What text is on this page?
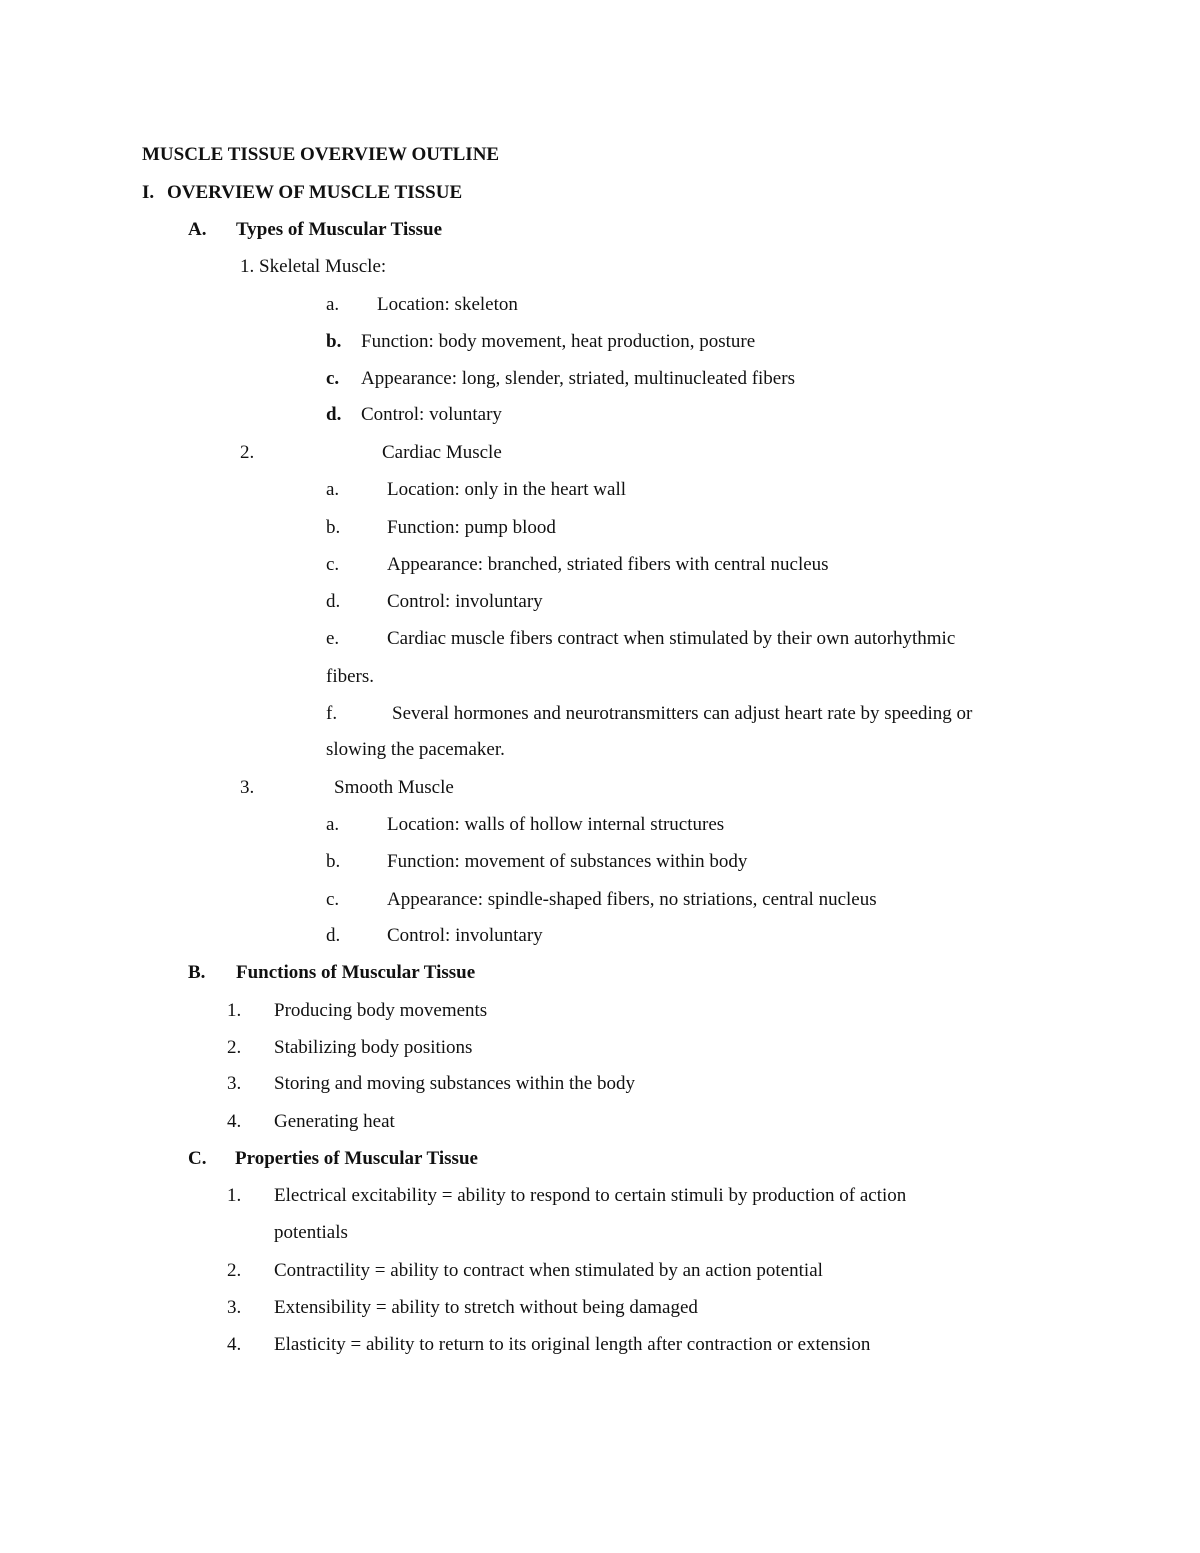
MUSCLE TISSUE OVERVIEW OUTLINE
I. OVERVIEW OF MUSCLE TISSUE
A. Types of Muscular Tissue
1. Skeletal Muscle:
a. Location: skeleton
b. Function: body movement, heat production, posture
c. Appearance: long, slender, striated, multinucleated fibers
d. Control: voluntary
2.	Cardiac Muscle
a.	Location: only in the heart wall
b. Function: pump blood
c.	Appearance: branched, striated fibers with central nucleus
d. Control: involuntary
e.	Cardiac muscle fibers contract when stimulated by their own autorhythmic
fibers.
f.	Several hormones and neurotransmitters can adjust heart rate by speeding or
slowing the pacemaker.
3.	Smooth Muscle
a.	Location: walls of hollow internal structures
b. Function: movement of substances within body
c.	Appearance: spindle-shaped fibers, no striations, central nucleus
d. Control: involuntary
B. Functions of Muscular Tissue
1. Producing body movements
2. Stabilizing body positions
3. Storing and moving substances within the body
4. Generating heat
C. Properties of Muscular Tissue
1. Electrical excitability = ability to respond to certain stimuli by production of action
potentials
2. Contractility = ability to contract when stimulated by an action potential
3. Extensibility = ability to stretch without being damaged
4. Elasticity = ability to return to its original length after contraction or extension
